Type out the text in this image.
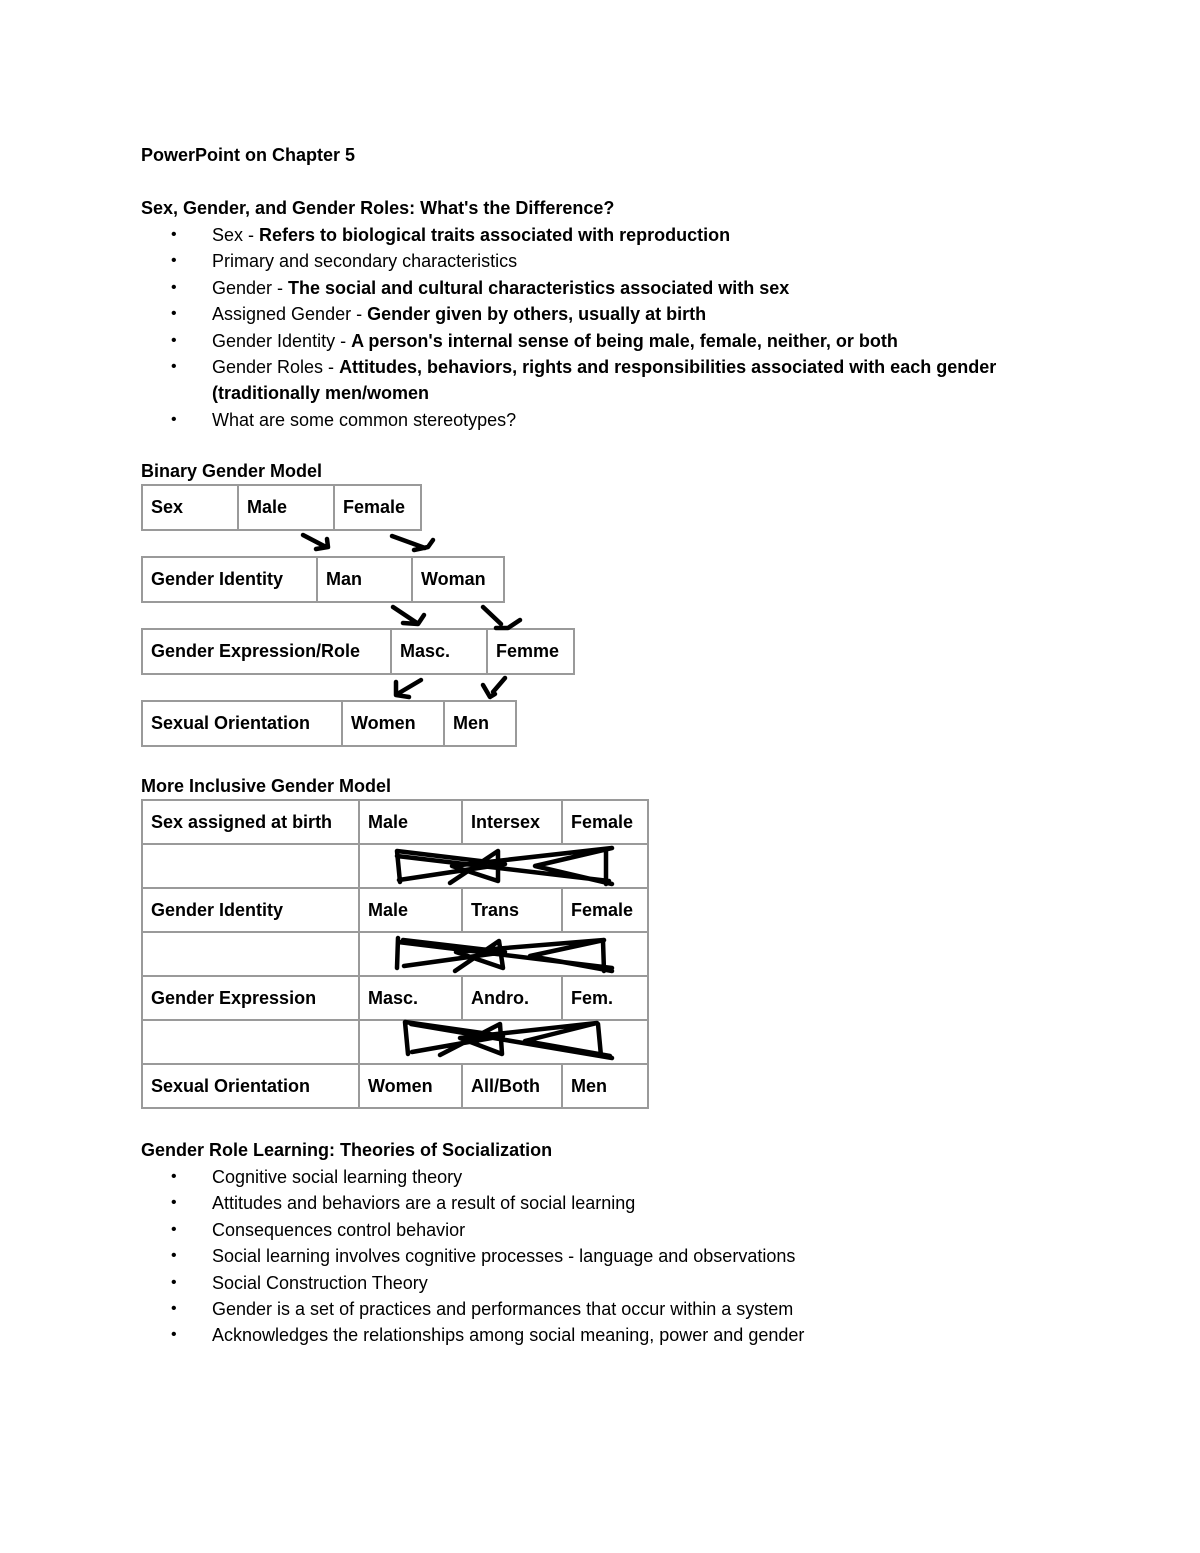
PowerPoint on Chapter 5
Sex, Gender, and Gender Roles: What's the Difference?
• Sex - Refers to biological traits associated with reproduction
• Primary and secondary characteristics
• Gender - The social and cultural characteristics associated with sex
• Assigned Gender - Gender given by others, usually at birth
• Gender Identity - A person's internal sense of being male, female, neither, or both
• Gender Roles - Attitudes, behaviors, rights and responsibilities associated with each gender
(traditionally men/women
• What are some common stereotypes?
Binary Gender Model
Sex	Male	Female
Gender Identity	Man	Woman
Gender Expression/Role	Masc.	Femme
Sexual Orientation	Women	Men
More Inclusive Gender Model
Sex assigned at birth	Male	Intersex	Female

Gender Identity	Male	Trans	Female

Gender Expression	Masc.	Andro.	Fem.

Sexual Orientation	Women	All/Both	Men
Gender Role Learning: Theories of Socialization
• Cognitive social learning theory
• Attitudes and behaviors are a result of social learning
• Consequences control behavior
• Social learning involves cognitive processes - language and observations
• Social Construction Theory
• Gender is a set of practices and performances that occur within a system
• Acknowledges the relationships among social meaning, power and gender
